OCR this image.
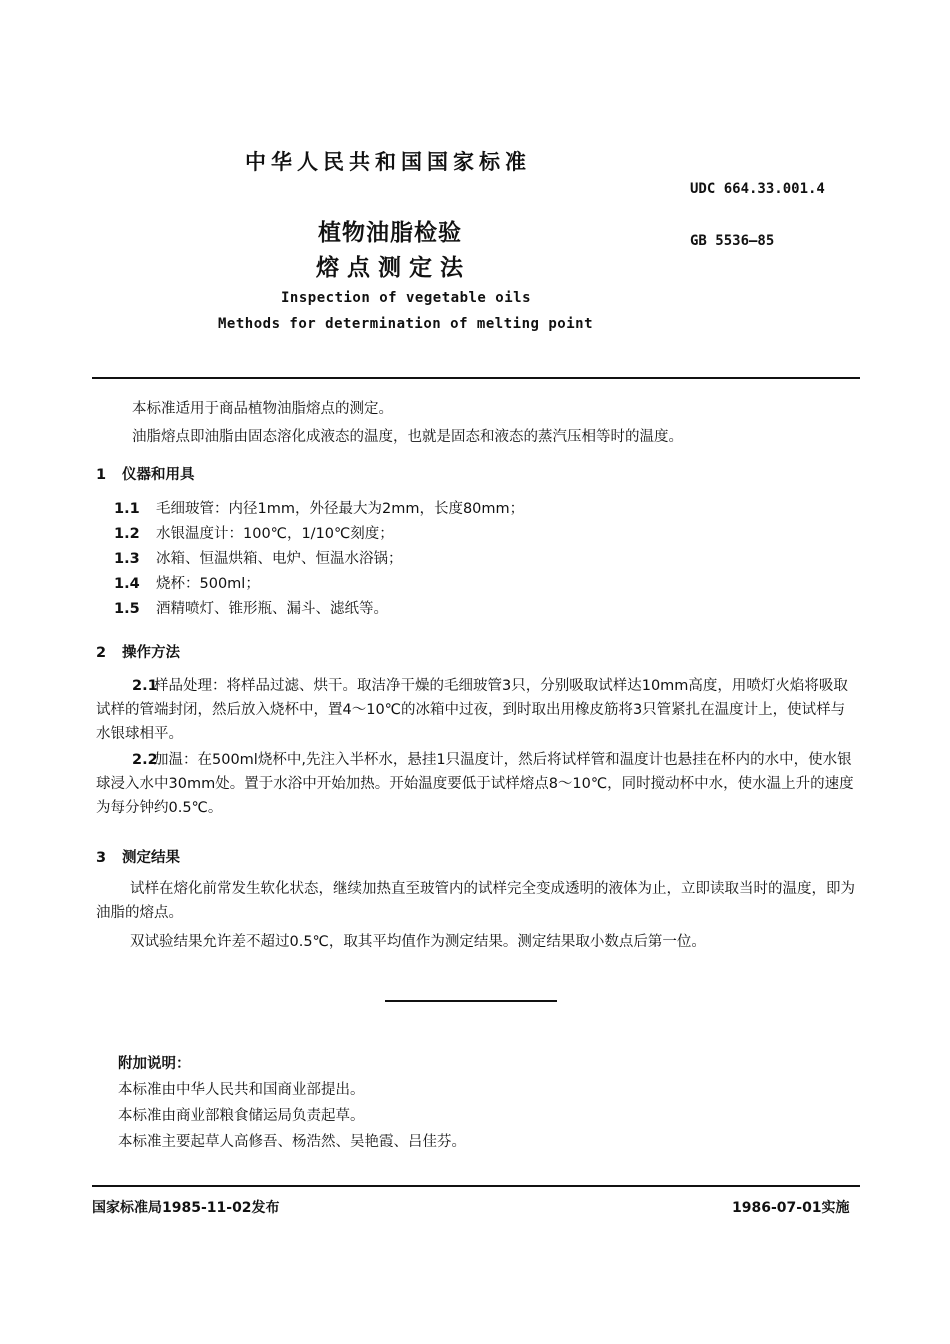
中华人民共和国国家标准
UDC 664.33.001.4
植物油脂检验	GB 5536—85
熔点测定法
Inspection of vegetable oils
Methods for determination of melting point
本标准适用于商品植物油脂熔点的测定。
油脂熔点即油脂由固态溶化成液态的温度，也就是固态和液态的蒸汽压相等时的温度。
1 仪器和用具
1.1 毛细玻管：内径1mm，外径最大为2mm，长度80mm；
1.2 水银温度计：100℃，1/10℃刻度；
1.3 冰箱、恒温烘箱、电炉、恒温水浴锅；
1.4 烧杯：500ml；
1.5 酒精喷灯、锥形瓶、漏斗、滤纸等。
2 操作方法
2.1样品处理：将样品过滤、烘干。取洁净干燥的毛细玻管3只，分别吸取试样达10mm高度，用喷灯火焰将吸取试样的管端封闭，然后放入烧杯中，置4～10℃的冰箱中过夜，到时取出用橡皮筋将3只管紧扎在温度计上，使试样与水银球相平。
2.2加温：在500ml烧杯中,先注入半杯水，悬挂1只温度计，然后将试样管和温度计也悬挂在杯内的水中，使水银球浸入水中30mm处。置于水浴中开始加热。开始温度要低于试样熔点8～10℃，同时搅动杯中水，使水温上升的速度为每分钟约0.5℃。
3 测定结果
试样在熔化前常发生软化状态，继续加热直至玻管内的试样完全变成透明的液体为止，立即读取当时的温度，即为油脂的熔点。
双试验结果允许差不超过0.5℃，取其平均值作为测定结果。测定结果取小数点后第一位。
附加说明：
本标准由中华人民共和国商业部提出。
本标准由商业部粮食储运局负责起草。
本标准主要起草人高修吾、杨浩然、吴艳霞、吕佳芬。
国家标准局1985-11-02发布	1986-07-01实施
